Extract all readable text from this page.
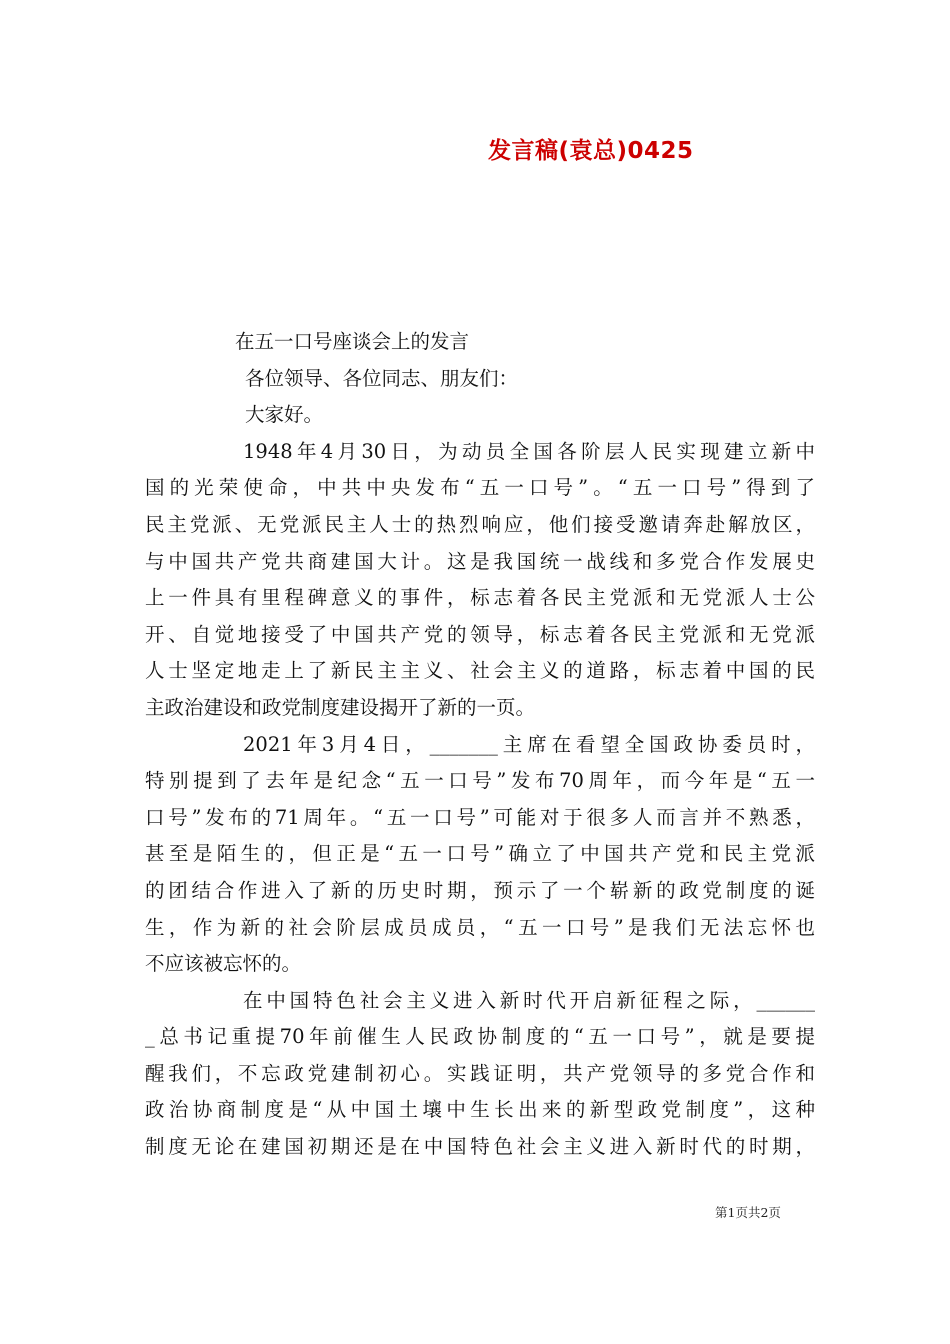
发言稿(袁总)0425
在五一口号座谈会上的发言
各位领导、各位同志、朋友们：
大家好。
1948年4月30日，为动员全国各阶层人民实现建立新中
国的光荣使命，中共中央发布“五一口号”。“五一口号”得到了
民主党派、无党派民主人士的热烈响应，他们接受邀请奔赴解放区，
与中国共产党共商建国大计。这是我国统一战线和多党合作发展史
上一件具有里程碑意义的事件，标志着各民主党派和无党派人士公
开、自觉地接受了中国共产党的领导，标志着各民主党派和无党派
人士坚定地走上了新民主主义、社会主义的道路，标志着中国的民
主政治建设和政党制度建设揭开了新的一页。
2021年3月4日，_______主席在看望全国政协委员时，
特别提到了去年是纪念“五一口号”发布70周年，而今年是“五一
口号”发布的71周年。“五一口号”可能对于很多人而言并不熟悉，
甚至是陌生的，但正是“五一口号”确立了中国共产党和民主党派
的团结合作进入了新的历史时期，预示了一个崭新的政党制度的诞
生，作为新的社会阶层成员成员，“五一口号”是我们无法忘怀也
不应该被忘怀的。
在中国特色社会主义进入新时代开启新征程之际，______
_总书记重提70年前催生人民政协制度的“五一口号”，就是要提
醒我们，不忘政党建制初心。实践证明，共产党领导的多党合作和
政治协商制度是“从中国土壤中生长出来的新型政党制度”，这种
制度无论在建国初期还是在中国特色社会主义进入新时代的时期，
第1页共2页
